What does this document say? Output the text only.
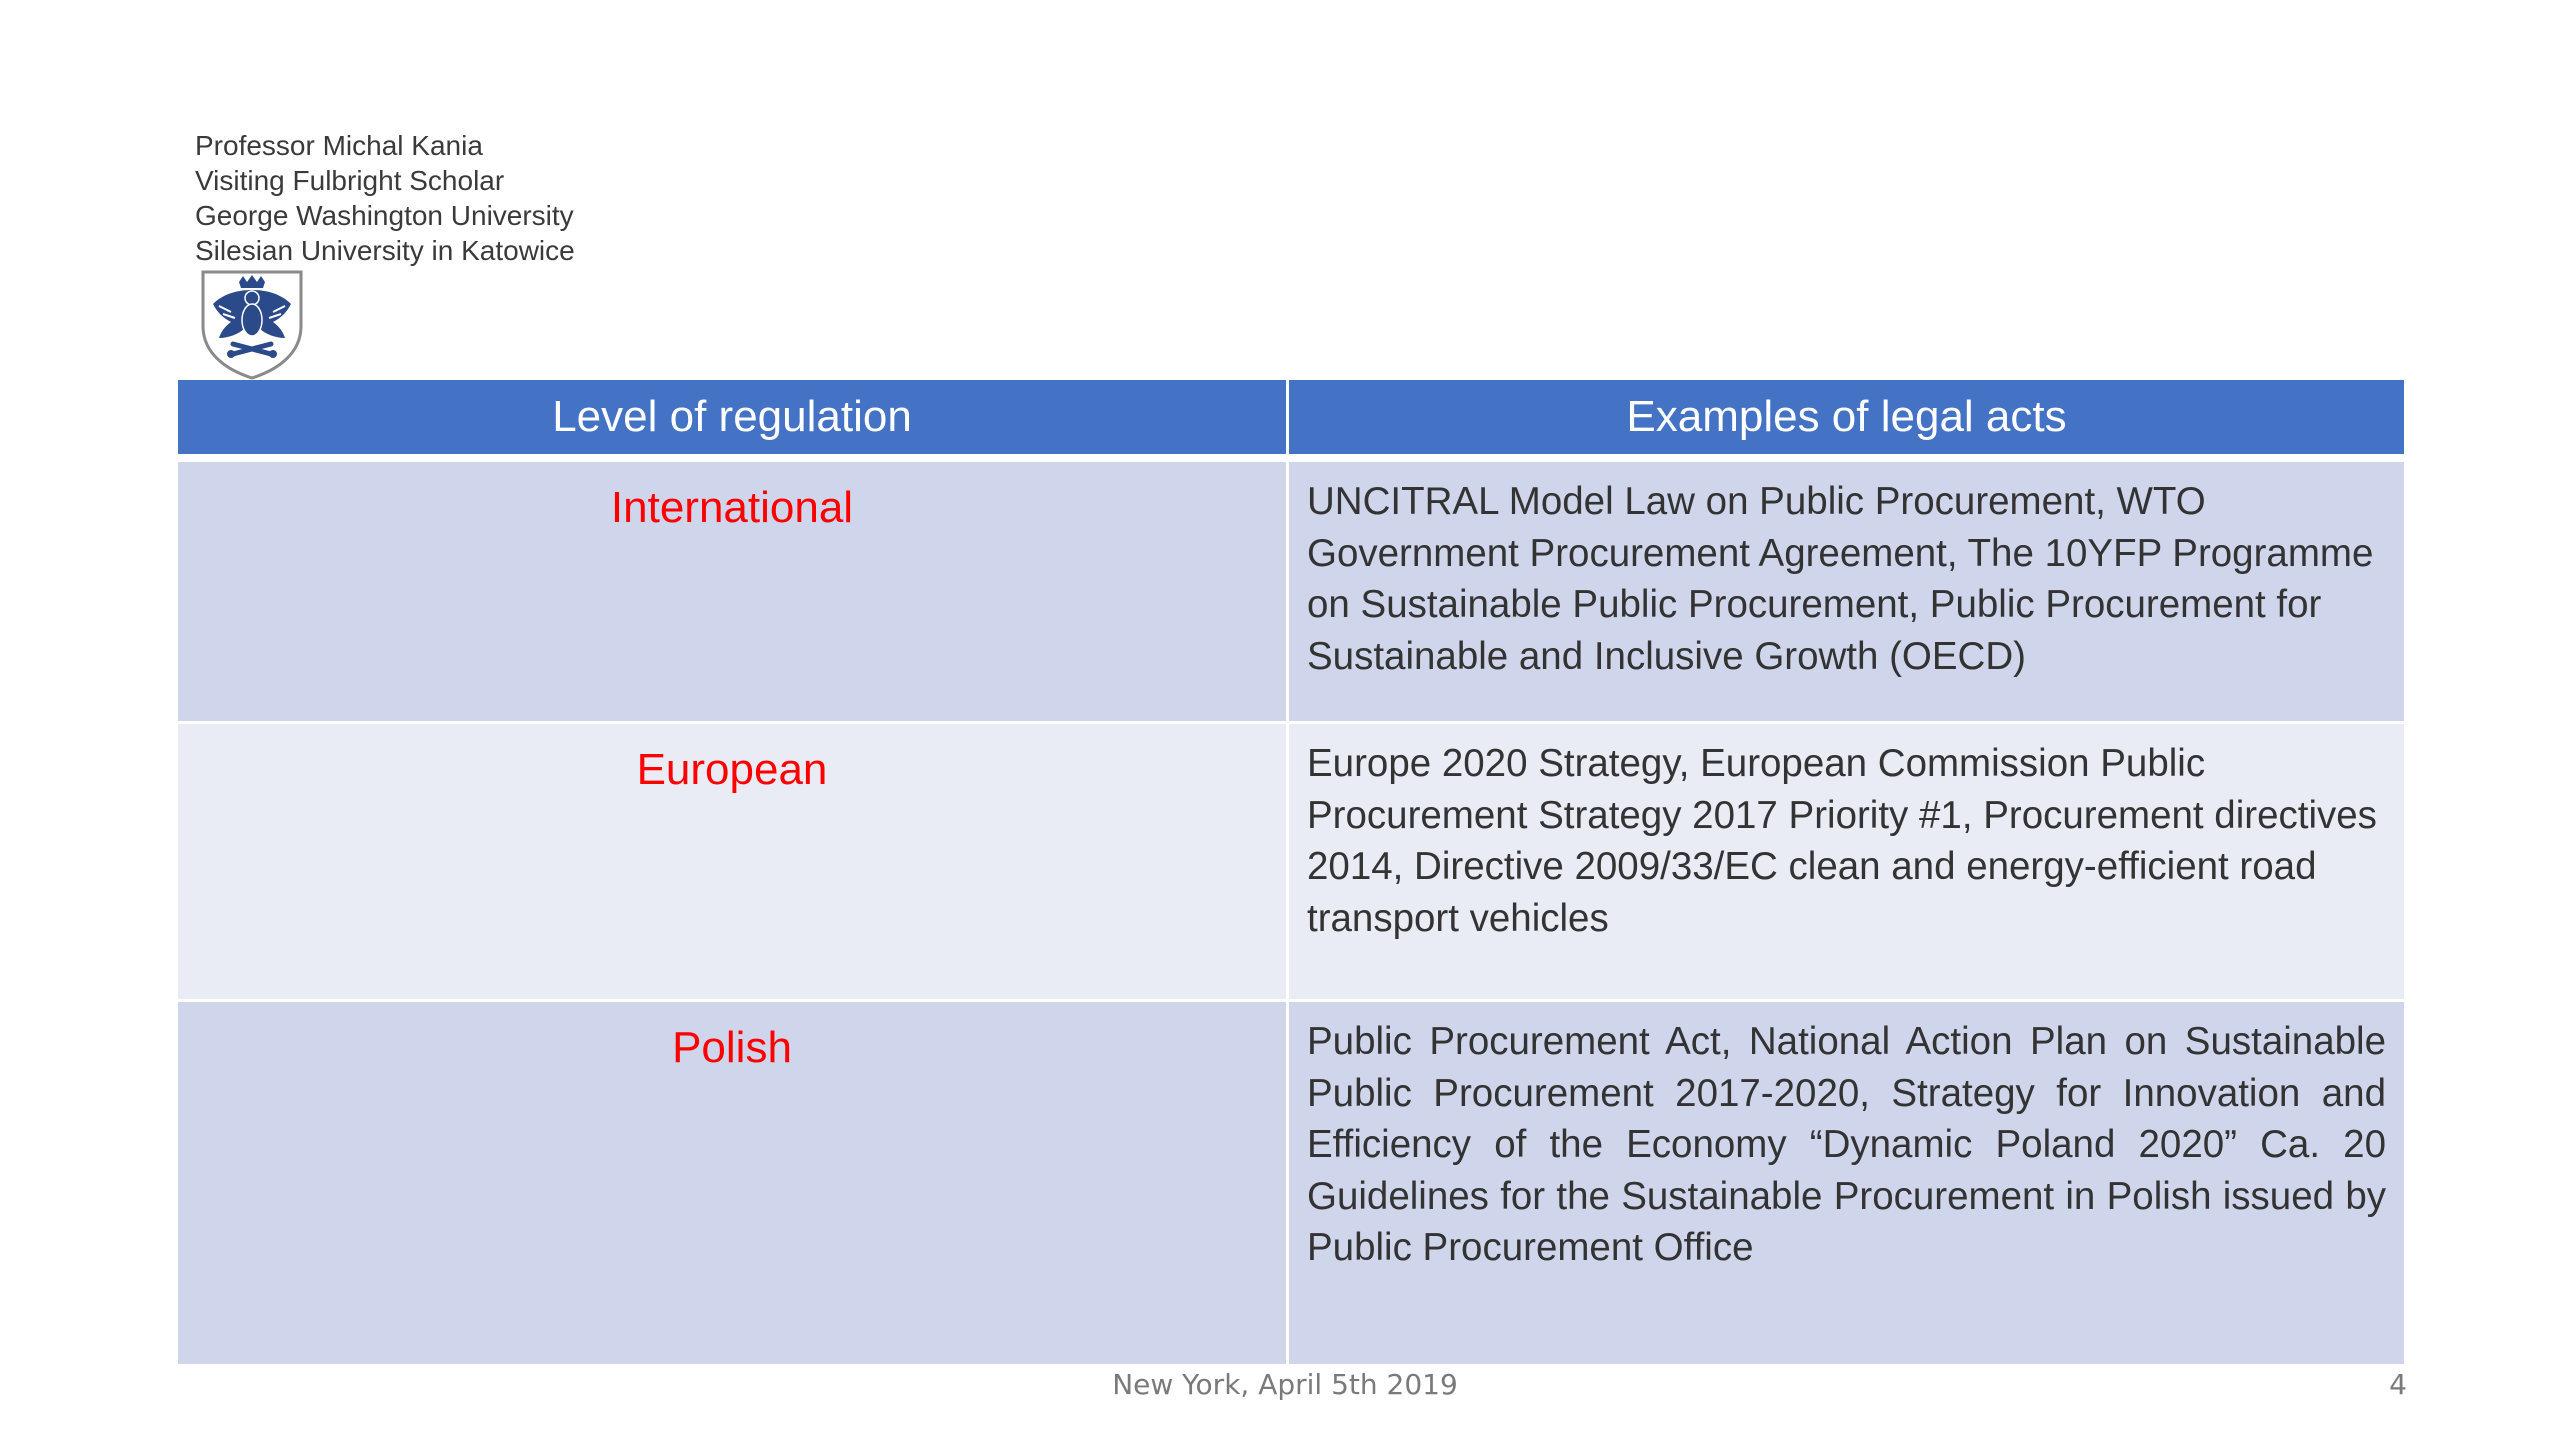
Professor Michal Kania
Visiting Fulbright Scholar
George Washington University
Silesian University in Katowice
Level of regulation	Examples of legal acts
International	UNCITRAL Model Law on Public Procurement, WTO Government Procurement Agreement, The 10YFP Programme on Sustainable Public Procurement, Public Procurement for Sustainable and Inclusive Growth (OECD)
European	Europe 2020 Strategy, European Commission Public Procurement Strategy 2017 Priority #1, Procurement directives 2014, Directive 2009/33/EC clean and energy-efficient road transport vehicles
Polish	Public Procurement Act, National Action Plan on Sustainable Public Procurement 2017-2020, Strategy for Innovation and Efficiency of the Economy “Dynamic Poland 2020” Ca. 20 Guidelines for the Sustainable Procurement in Polish issued by Public Procurement Office
New York, April 5th 2019	4
